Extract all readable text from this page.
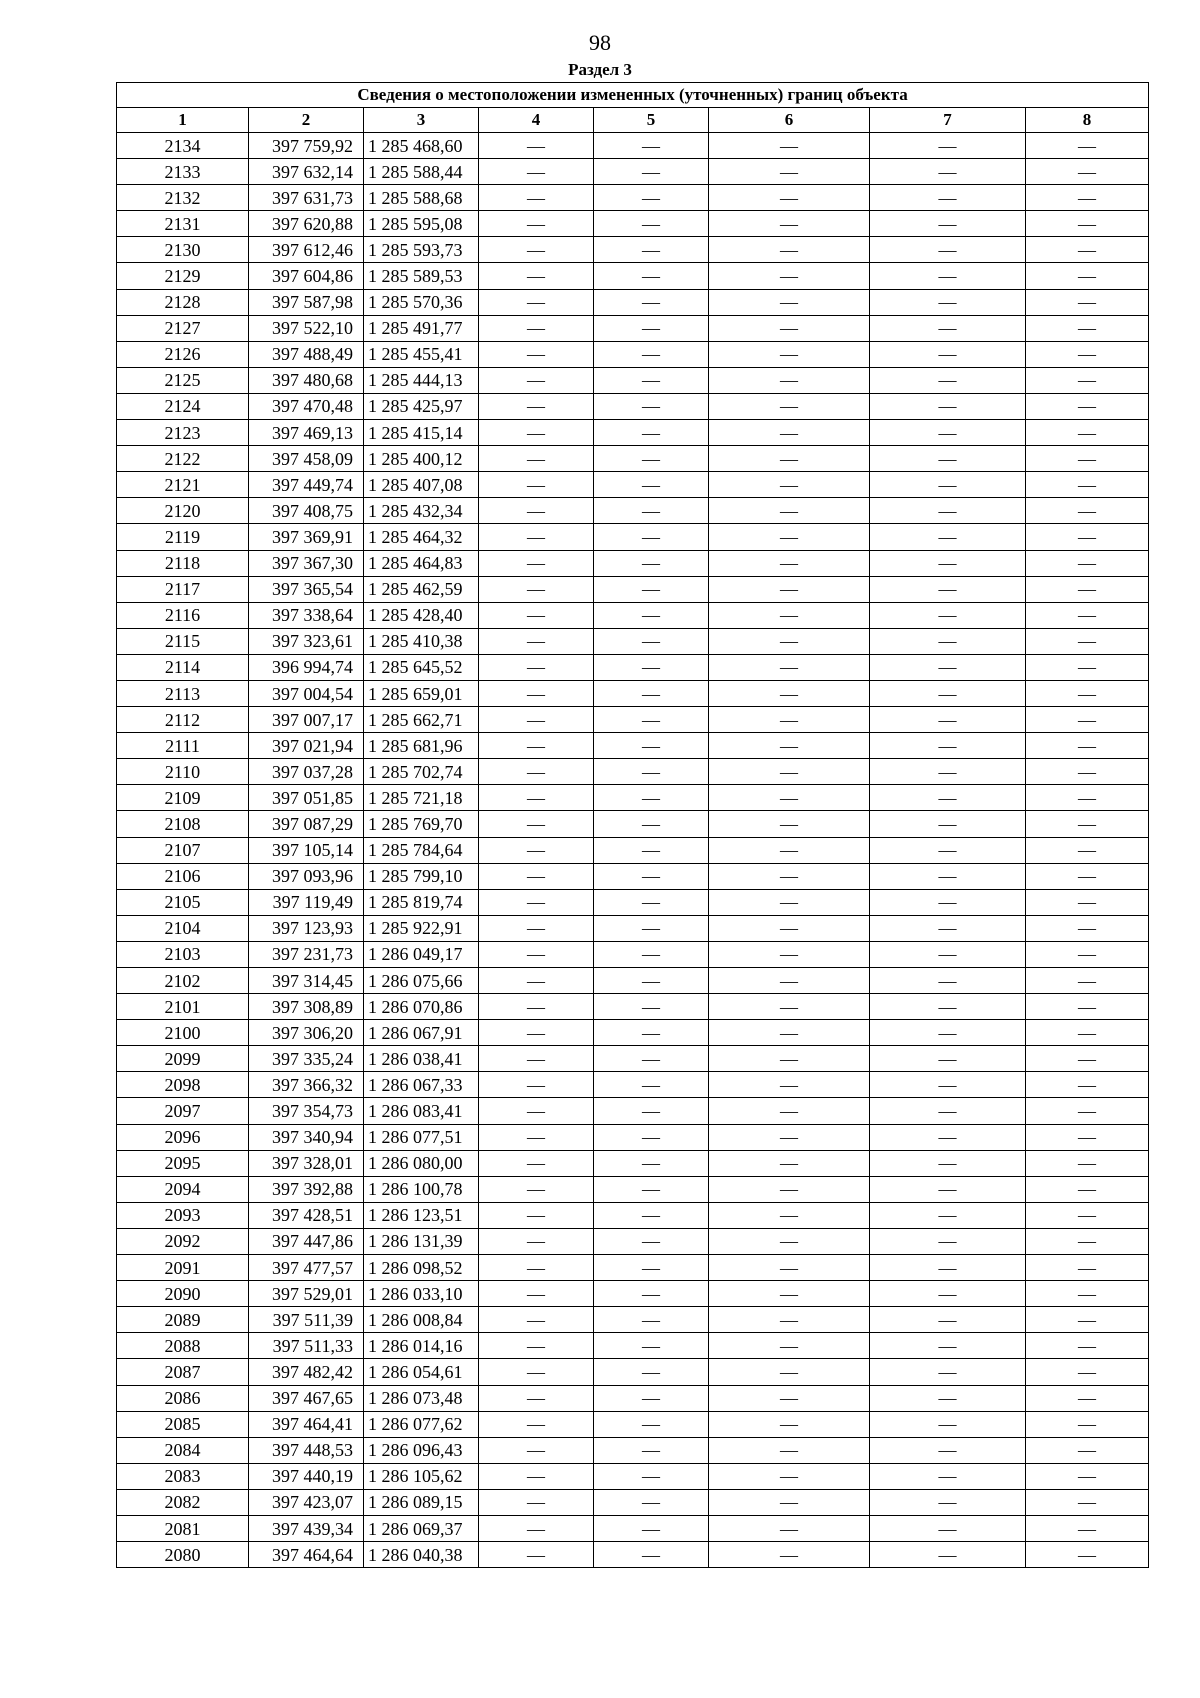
98
Раздел 3
Сведения о местоположении измененных (уточненных) границ объекта							
1	2	3	4	5	6	7	8
2134	397 759,92	1 285 468,60	—	—	—	—	—
2133	397 632,14	1 285 588,44	—	—	—	—	—
2132	397 631,73	1 285 588,68	—	—	—	—	—
2131	397 620,88	1 285 595,08	—	—	—	—	—
2130	397 612,46	1 285 593,73	—	—	—	—	—
2129	397 604,86	1 285 589,53	—	—	—	—	—
2128	397 587,98	1 285 570,36	—	—	—	—	—
2127	397 522,10	1 285 491,77	—	—	—	—	—
2126	397 488,49	1 285 455,41	—	—	—	—	—
2125	397 480,68	1 285 444,13	—	—	—	—	—
2124	397 470,48	1 285 425,97	—	—	—	—	—
2123	397 469,13	1 285 415,14	—	—	—	—	—
2122	397 458,09	1 285 400,12	—	—	—	—	—
2121	397 449,74	1 285 407,08	—	—	—	—	—
2120	397 408,75	1 285 432,34	—	—	—	—	—
2119	397 369,91	1 285 464,32	—	—	—	—	—
2118	397 367,30	1 285 464,83	—	—	—	—	—
2117	397 365,54	1 285 462,59	—	—	—	—	—
2116	397 338,64	1 285 428,40	—	—	—	—	—
2115	397 323,61	1 285 410,38	—	—	—	—	—
2114	396 994,74	1 285 645,52	—	—	—	—	—
2113	397 004,54	1 285 659,01	—	—	—	—	—
2112	397 007,17	1 285 662,71	—	—	—	—	—
2111	397 021,94	1 285 681,96	—	—	—	—	—
2110	397 037,28	1 285 702,74	—	—	—	—	—
2109	397 051,85	1 285 721,18	—	—	—	—	—
2108	397 087,29	1 285 769,70	—	—	—	—	—
2107	397 105,14	1 285 784,64	—	—	—	—	—
2106	397 093,96	1 285 799,10	—	—	—	—	—
2105	397 119,49	1 285 819,74	—	—	—	—	—
2104	397 123,93	1 285 922,91	—	—	—	—	—
2103	397 231,73	1 286 049,17	—	—	—	—	—
2102	397 314,45	1 286 075,66	—	—	—	—	—
2101	397 308,89	1 286 070,86	—	—	—	—	—
2100	397 306,20	1 286 067,91	—	—	—	—	—
2099	397 335,24	1 286 038,41	—	—	—	—	—
2098	397 366,32	1 286 067,33	—	—	—	—	—
2097	397 354,73	1 286 083,41	—	—	—	—	—
2096	397 340,94	1 286 077,51	—	—	—	—	—
2095	397 328,01	1 286 080,00	—	—	—	—	—
2094	397 392,88	1 286 100,78	—	—	—	—	—
2093	397 428,51	1 286 123,51	—	—	—	—	—
2092	397 447,86	1 286 131,39	—	—	—	—	—
2091	397 477,57	1 286 098,52	—	—	—	—	—
2090	397 529,01	1 286 033,10	—	—	—	—	—
2089	397 511,39	1 286 008,84	—	—	—	—	—
2088	397 511,33	1 286 014,16	—	—	—	—	—
2087	397 482,42	1 286 054,61	—	—	—	—	—
2086	397 467,65	1 286 073,48	—	—	—	—	—
2085	397 464,41	1 286 077,62	—	—	—	—	—
2084	397 448,53	1 286 096,43	—	—	—	—	—
2083	397 440,19	1 286 105,62	—	—	—	—	—
2082	397 423,07	1 286 089,15	—	—	—	—	—
2081	397 439,34	1 286 069,37	—	—	—	—	—
2080	397 464,64	1 286 040,38	—	—	—	—	—
